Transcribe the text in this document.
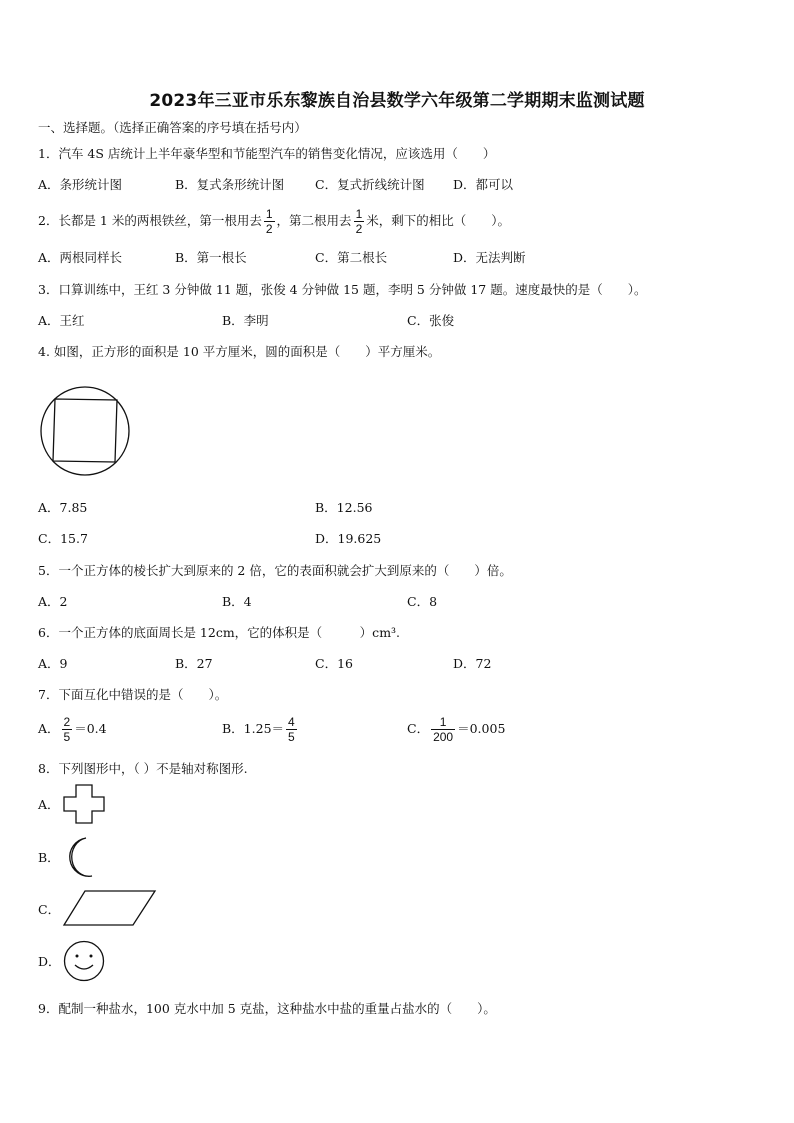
2023年三亚市乐东黎族自治县数学六年级第二学期期末监测试题
一、选择题。（选择正确答案的序号填在括号内）
1．汽车 4S 店统计上半年豪华型和节能型汽车的销售变化情况，应该选用（　　）
A．条形统计图	B．复式条形统计图 C．复式折线统计图 D．都可以
2．长都是 1 米的两根铁丝，第一根用去 $\frac{1}{2}$ ，第二根用去 $\frac{1}{2}$ 米，剩下的相比（　　）。
A．两根同样长	B．第一根长	C．第二根长	D．无法判断
3．口算训练中，王红 3 分钟做 11 题，张俊 4 分钟做 15 题，李明 5 分钟做 17 题。速度最快的是（　　）。
A．王红	B．李明	C．张俊
4. 如图，正方形的面积是 10 平方厘米，圆的面积是（　　）平方厘米。
A．7.85	B．12.56
C．15.7	D．19.625
5．一个正方体的棱长扩大到原来的 2 倍，它的表面积就会扩大到原来的（　　）倍。
A．2	B．4	C．8
6．一个正方体的底面周长是 12cm，它的体积是（　　　）cm³.
A．9	B．27	C．16	D．72
7．下面互化中错误的是（　　）。
A． $\frac{2}{5} =0.4$	B．$1.25= \frac{4}{5}$	C． $\frac{1}{200} =0.005$
8．下列图形中，（ ）不是轴对称图形.
A．
B．
C．
D．
9．配制一种盐水，100 克水中加 5 克盐，这种盐水中盐的重量占盐水的（　　）。
